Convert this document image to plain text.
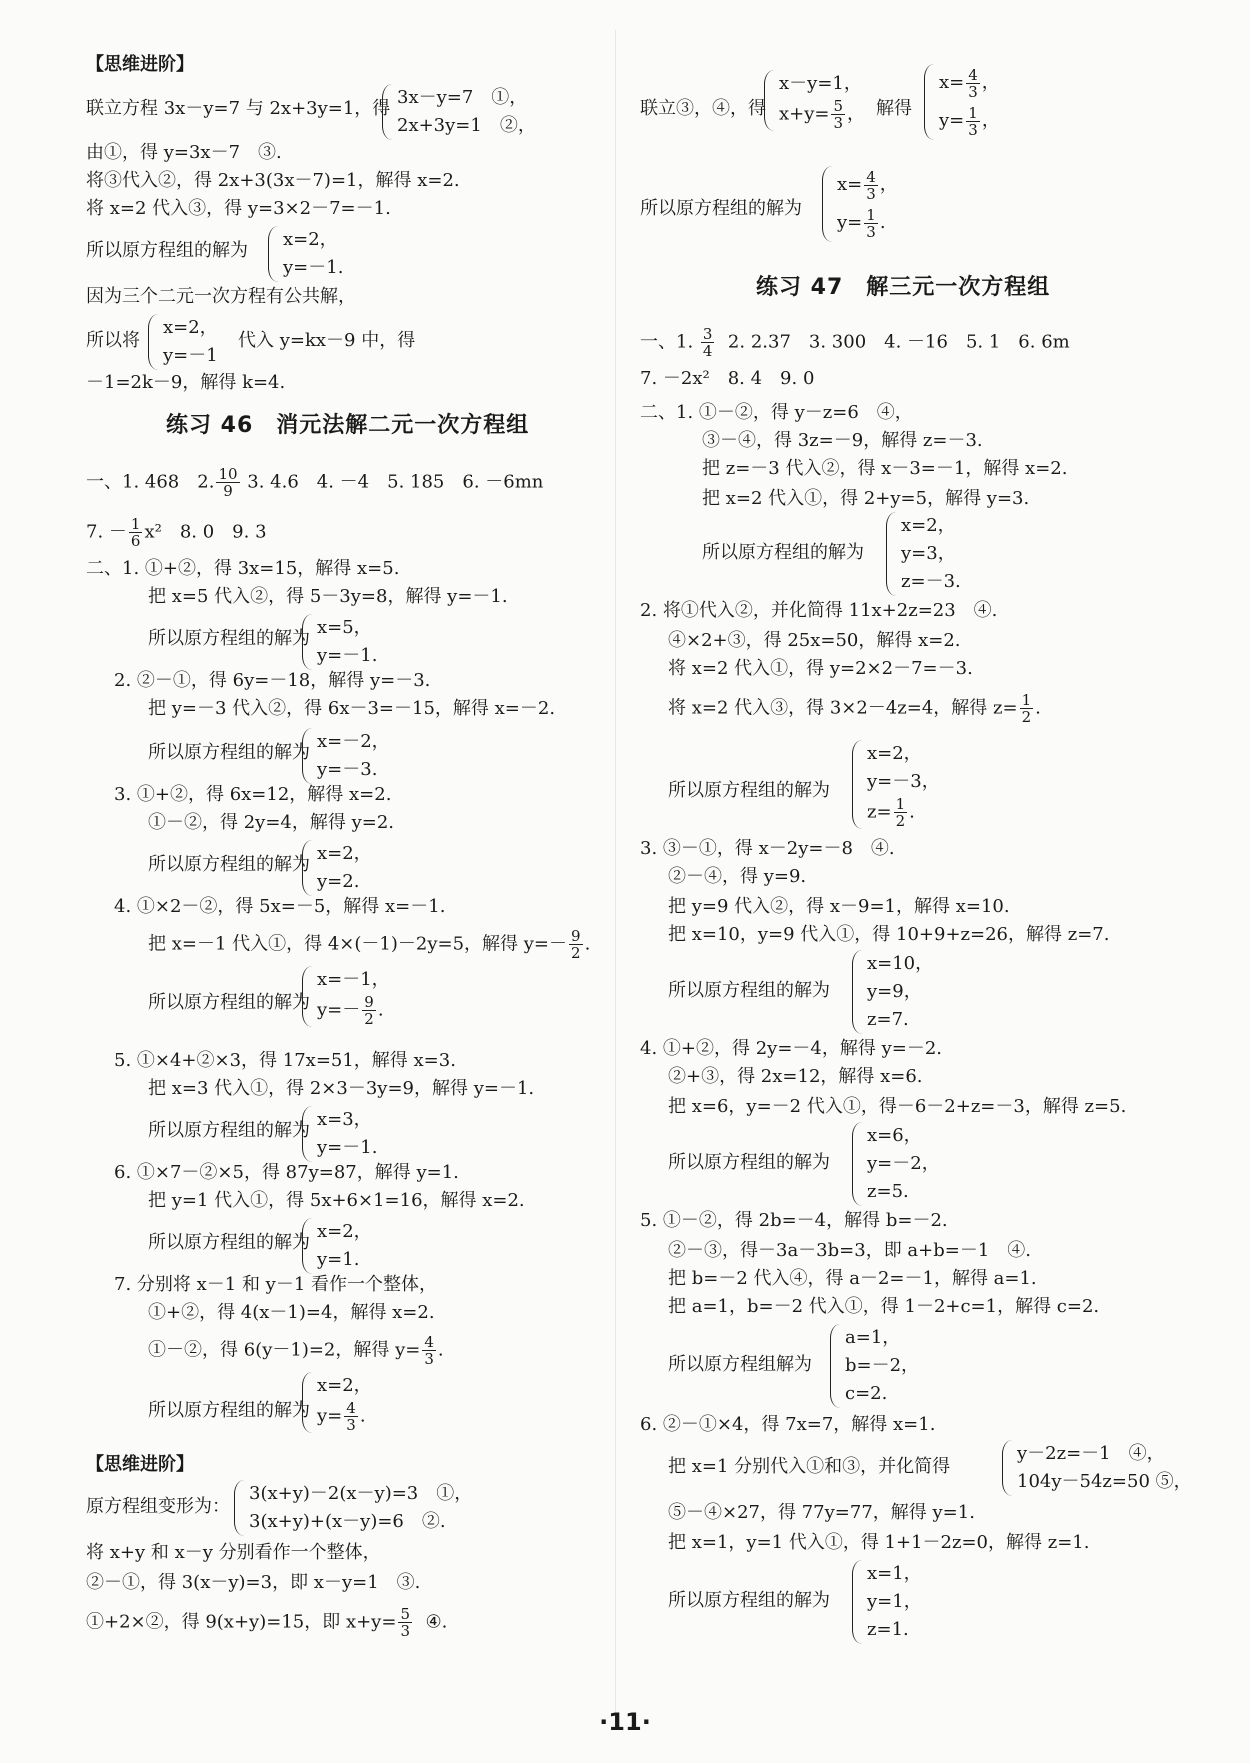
【思维进阶】
联立方程 3x－y=7 与 2x+3y=1，得
3x－y=7　①，
2x+3y=1　②，
由①，得 y=3x－7　③.
将③代入②，得 2x+3(3x－7)=1，解得 x=2.
将 x=2 代入③，得 y=3×2－7=－1.
所以原方程组的解为
x=2，
y=－1.
因为三个二元一次方程有公共解，
所以将
x=2，
y=－1
代入 y=kx－9 中，得
－1=2k－9，解得 k=4.
练习 46　消元法解二元一次方程组
一、1. 468　2. $\frac{10}{9} 3$. 4.6　4. －4　5. 185　6. －6mn
7. － $\frac{1}{6} x^2$　8. 0　9. 3
二、1. ①+②，得 3x=15，解得 x=5.
把 x=5 代入②，得 5－3y=8，解得 y=－1.
所以原方程组的解为
x=5，
y=－1.
2. ②－①，得 6y=－18，解得 y=－3.
把 y=－3 代入②，得 6x－3=－15，解得 x=－2.
所以原方程组的解为
x=－2，
y=－3.
3. ①+②，得 6x=12，解得 x=2.
①－②，得 2y=4，解得 y=2.
所以原方程组的解为
x=2，
y=2.
4. ①×2－②，得 5x=－5，解得 x=－1.
把 x=－1 代入①，得 4×(－1)－2y=5，解得 $y=- \frac{9}{2}$ .
所以原方程组的解为
x=－1，
$y=- \frac{9}{2}$ .
5. ①×4+②×3，得 17x=51，解得 x=3.
把 x=3 代入①，得 2×3－3y=9，解得 y=－1.
所以原方程组的解为
x=3，
y=－1.
6. ①×7－②×5，得 87y=87，解得 y=1.
把 y=1 代入①，得 5x+6×1=16，解得 x=2.
所以原方程组的解为
x=2，
y=1.
7. 分别将 x－1 和 y－1 看作一个整体，
①+②，得 4(x－1)=4，解得 x=2.
①－②，得 6(y－1)=2，解得 $y= \frac{4}{3}$ .
所以原方程组的解为
x=2，
$y= \frac{4}{3}$ .
【思维进阶】
原方程组变形为：
3(x+y)－2(x－y)=3　①，
3(x+y)+(x－y)=6　②.
将 x+y 和 x－y 分别看作一个整体，
②－①，得 3(x－y)=3，即 x－y=1　③.
①+2×②，得 9(x+y)=15，即 $x+y= \frac{5}{3}$ ④.
联立③，④，得
x－y=1，
$x+y= \frac{5}{3}$ ， 解得
$x= \frac{4}{3}$ ，
$y= \frac{1}{3}$ ，
所以原方程组的解为
$x= \frac{4}{3}$ ，
$y= \frac{1}{3}$ .
练习 47　解三元一次方程组
一、1. $\frac{3}{4} 2$. 2.37　3. 300　4. －16　5. 1　6. 6m
7. －2x²　8. 4　9. 0
二、1. ①－②，得 y－z=6　④，
③－④，得 3z=－9，解得 z=－3.
把 z=－3 代入②，得 x－3=－1，解得 x=2.
把 x=2 代入①，得 2+y=5，解得 y=3.
所以原方程组的解为
x=2，
y=3，
z=－3.
2. 将①代入②，并化简得 11x+2z=23　④.
④×2+③，得 25x=50，解得 x=2.
将 x=2 代入①，得 y=2×2－7=－3.
将 x=2 代入③，得 3×2－4z=4，解得 $z= \frac{1}{2}$ .
所以原方程组的解为
x=2，
y=－3，
$z= \frac{1}{2}$ .
3. ③－①，得 x－2y=－8　④.
②－④，得 y=9.
把 y=9 代入②，得 x－9=1，解得 x=10.
把 x=10，y=9 代入①，得 10+9+z=26，解得 z=7.
所以原方程组的解为
x=10，
y=9，
z=7.
4. ①+②，得 2y=－4，解得 y=－2.
②+③，得 2x=12，解得 x=6.
把 x=6，y=－2 代入①，得－6－2+z=－3，解得 z=5.
所以原方程组的解为
x=6，
y=－2，
z=5.
5. ①－②，得 2b=－4，解得 b=－2.
②－③，得－3a－3b=3，即 a+b=－1　④.
把 b=－2 代入④，得 a－2=－1，解得 a=1.
把 a=1，b=－2 代入①，得 1－2+c=1，解得 c=2.
所以原方程组解为
a=1，
b=－2，
c=2.
6. ②－①×4，得 7x=7，解得 x=1.
把 x=1 分别代入①和③，并化简得
y－2z=－1　④，
104y－54z=50 ⑤，
⑤－④×27，得 77y=77，解得 y=1.
把 x=1，y=1 代入①，得 1+1－2z=0，解得 z=1.
所以原方程组的解为
x=1，
y=1，
z=1.
·11·
